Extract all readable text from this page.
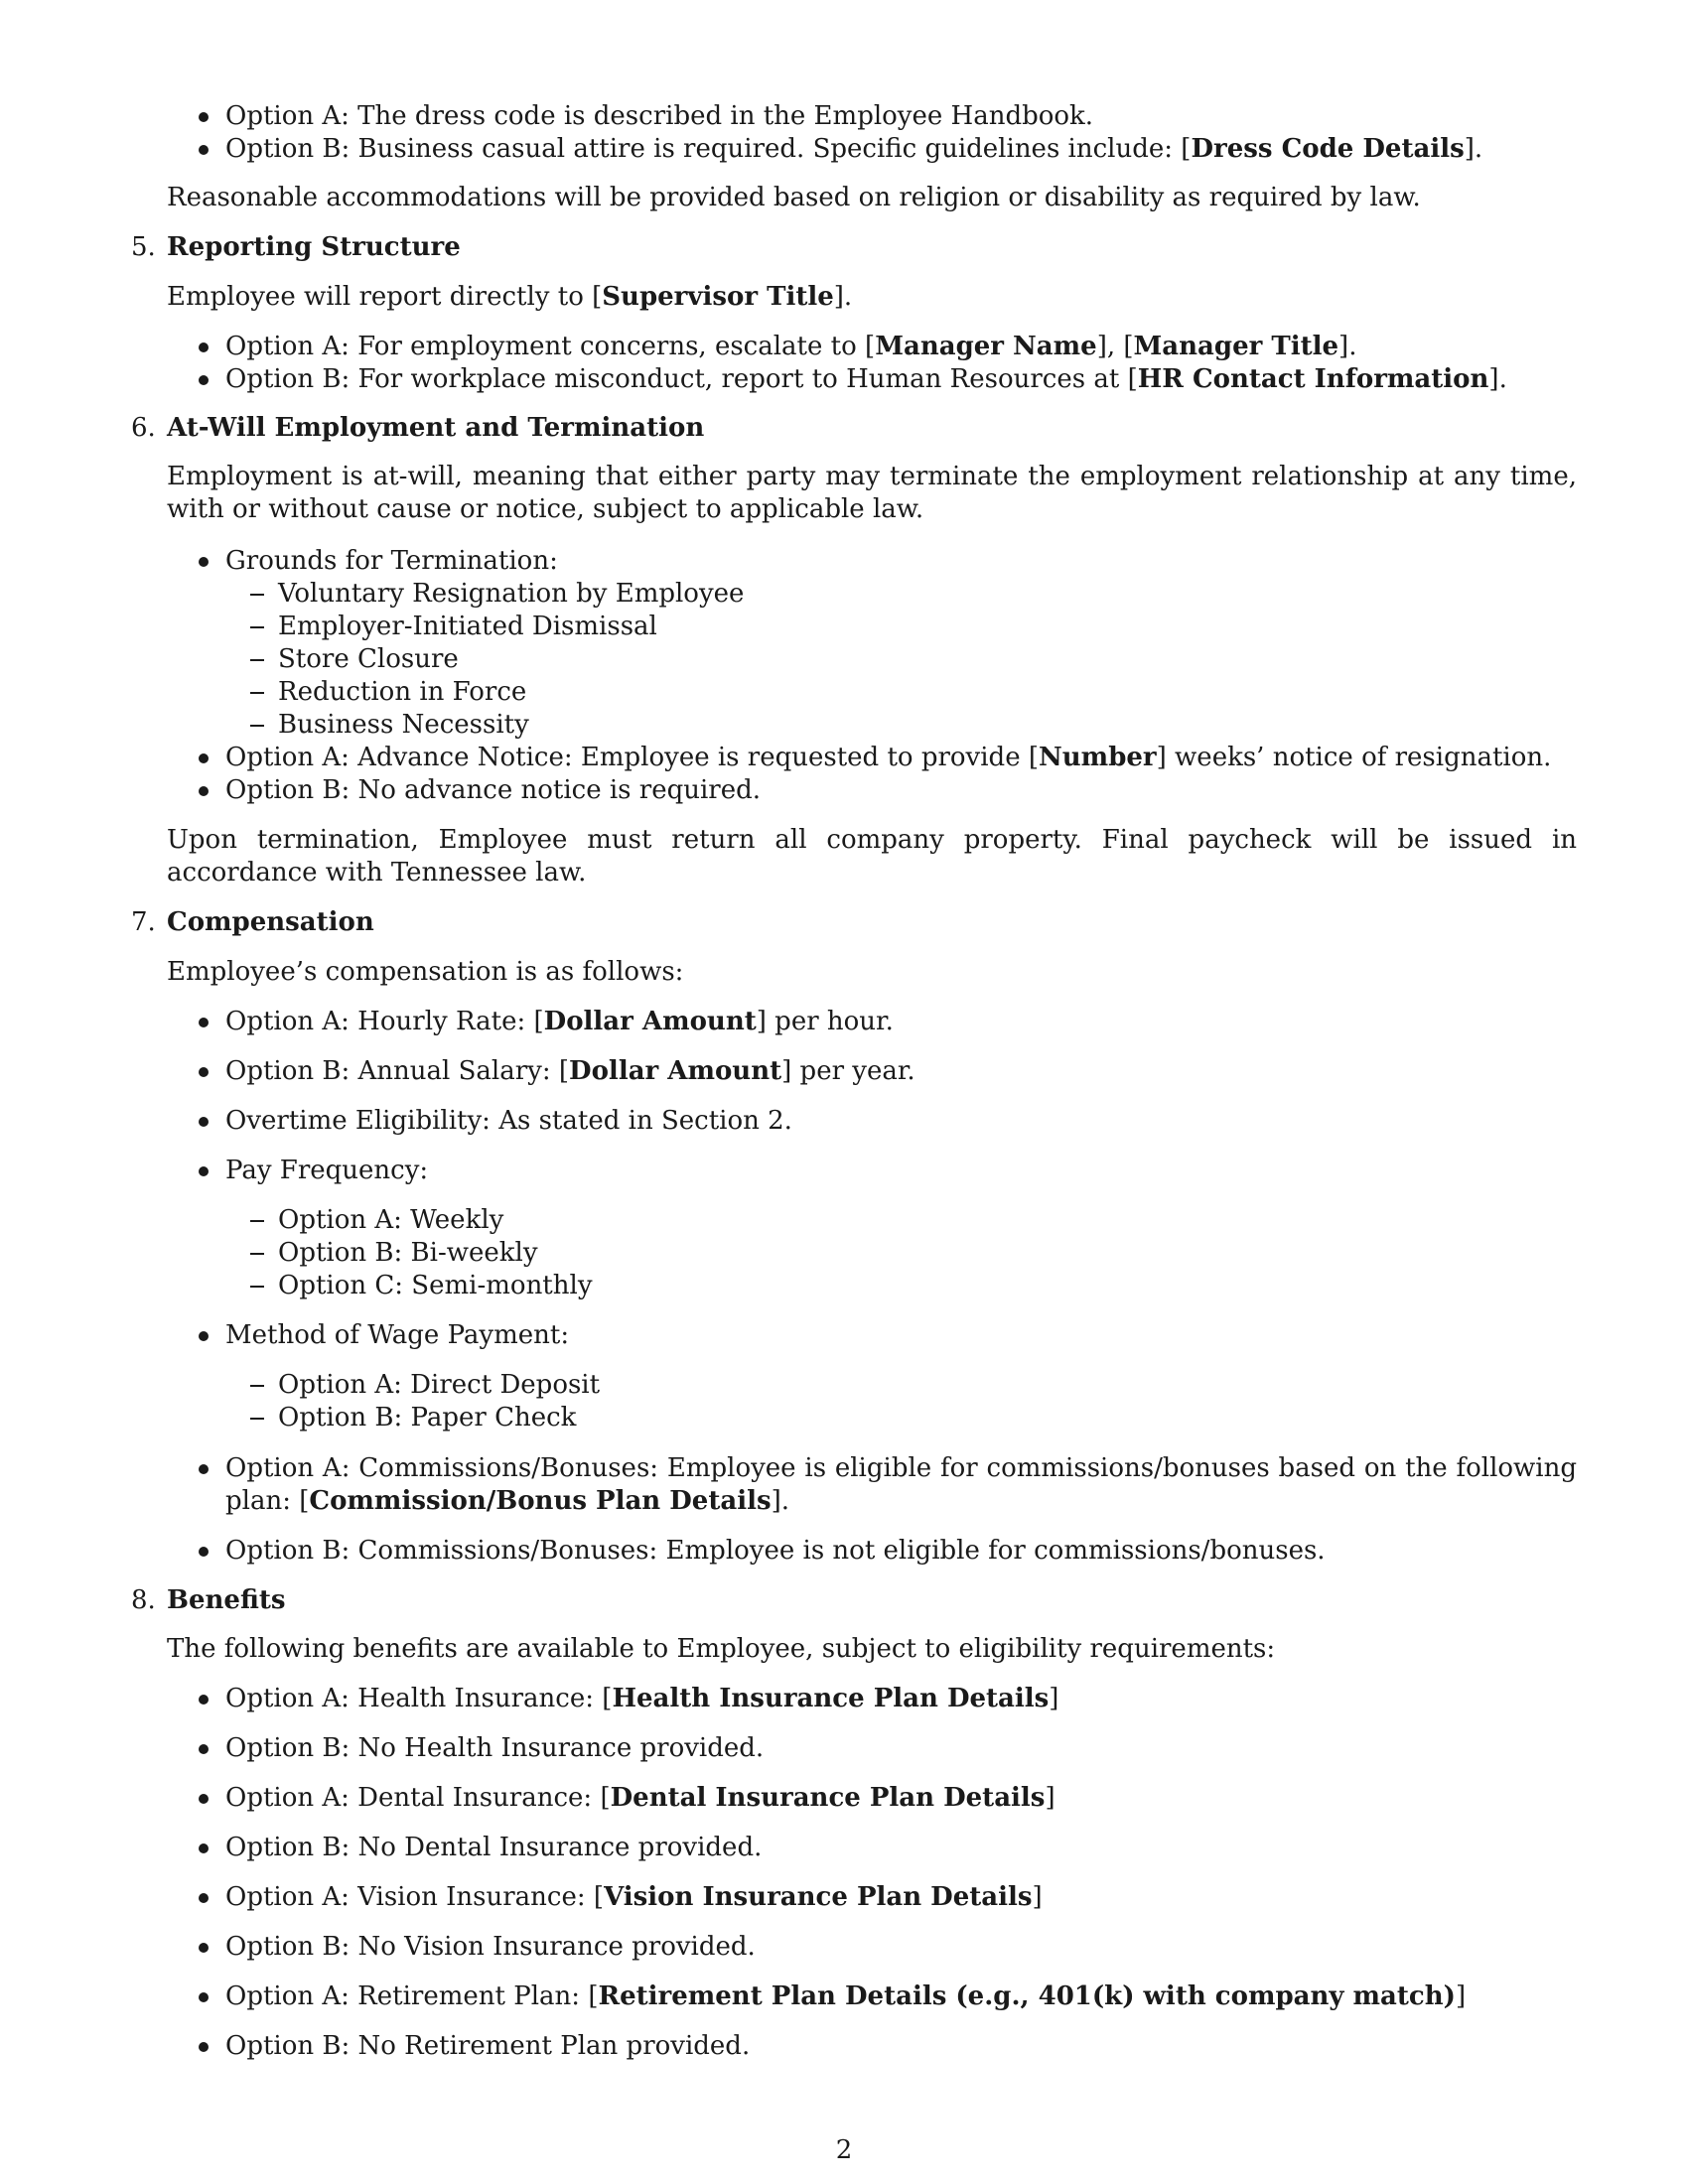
Option A: The dress code is described in the Employee Handbook.
Option B: Business casual attire is required. Specific guidelines include: [Dress Code Details].
Reasonable accommodations will be provided based on religion or disability as required by law.
5. Reporting Structure
Employee will report directly to [Supervisor Title].
Option A: For employment concerns, escalate to [Manager Name], [Manager Title].
Option B: For workplace misconduct, report to Human Resources at [HR Contact Information].
6. At-Will Employment and Termination
Employment is at-will, meaning that either party may terminate the employment relationship at any time, with or without cause or notice, subject to applicable law.
Grounds for Termination:
Voluntary Resignation by Employee
Employer-Initiated Dismissal
Store Closure
Reduction in Force
Business Necessity
Option A: Advance Notice: Employee is requested to provide [Number] weeks’ notice of resignation.
Option B: No advance notice is required.
Upon termination, Employee must return all company property. Final paycheck will be issued in accordance with Tennessee law.
7. Compensation
Employee’s compensation is as follows:
Option A: Hourly Rate: [Dollar Amount] per hour.
Option B: Annual Salary: [Dollar Amount] per year.
Overtime Eligibility: As stated in Section 2.
Pay Frequency:
Option A: Weekly
Option B: Bi-weekly
Option C: Semi-monthly
Method of Wage Payment:
Option A: Direct Deposit
Option B: Paper Check
Option A: Commissions/Bonuses: Employee is eligible for commissions/bonuses based on the following plan: [Commission/Bonus Plan Details].
Option B: Commissions/Bonuses: Employee is not eligible for commissions/bonuses.
8. Benefits
The following benefits are available to Employee, subject to eligibility requirements:
Option A: Health Insurance: [Health Insurance Plan Details]
Option B: No Health Insurance provided.
Option A: Dental Insurance: [Dental Insurance Plan Details]
Option B: No Dental Insurance provided.
Option A: Vision Insurance: [Vision Insurance Plan Details]
Option B: No Vision Insurance provided.
Option A: Retirement Plan: [Retirement Plan Details (e.g., 401(k) with company match)]
Option B: No Retirement Plan provided.
2
